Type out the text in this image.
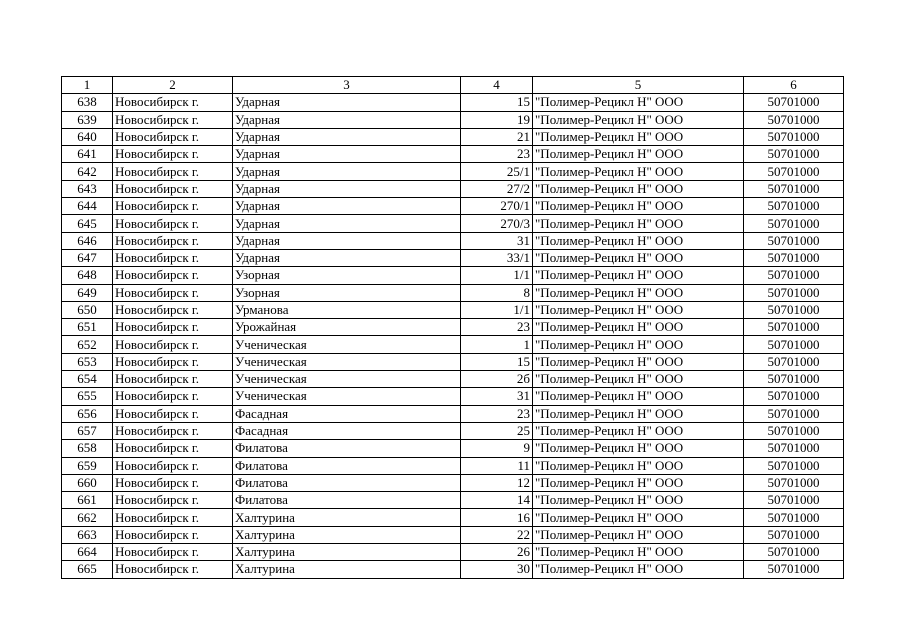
1	2	3	4	5	6
638	Новосибирск г.	Ударная	15	"Полимер-Рецикл Н" ООО	50701000
639	Новосибирск г.	Ударная	19	"Полимер-Рецикл Н" ООО	50701000
640	Новосибирск г.	Ударная	21	"Полимер-Рецикл Н" ООО	50701000
641	Новосибирск г.	Ударная	23	"Полимер-Рецикл Н" ООО	50701000
642	Новосибирск г.	Ударная	25/1	"Полимер-Рецикл Н" ООО	50701000
643	Новосибирск г.	Ударная	27/2	"Полимер-Рецикл Н" ООО	50701000
644	Новосибирск г.	Ударная	270/1	"Полимер-Рецикл Н" ООО	50701000
645	Новосибирск г.	Ударная	270/3	"Полимер-Рецикл Н" ООО	50701000
646	Новосибирск г.	Ударная	31	"Полимер-Рецикл Н" ООО	50701000
647	Новосибирск г.	Ударная	33/1	"Полимер-Рецикл Н" ООО	50701000
648	Новосибирск г.	Узорная	1/1	"Полимер-Рецикл Н" ООО	50701000
649	Новосибирск г.	Узорная	8	"Полимер-Рецикл Н" ООО	50701000
650	Новосибирск г.	Урманова	1/1	"Полимер-Рецикл Н" ООО	50701000
651	Новосибирск г.	Урожайная	23	"Полимер-Рецикл Н" ООО	50701000
652	Новосибирск г.	Ученическая	1	"Полимер-Рецикл Н" ООО	50701000
653	Новосибирск г.	Ученическая	15	"Полимер-Рецикл Н" ООО	50701000
654	Новосибирск г.	Ученическая	2б	"Полимер-Рецикл Н" ООО	50701000
655	Новосибирск г.	Ученическая	31	"Полимер-Рецикл Н" ООО	50701000
656	Новосибирск г.	Фасадная	23	"Полимер-Рецикл Н" ООО	50701000
657	Новосибирск г.	Фасадная	25	"Полимер-Рецикл Н" ООО	50701000
658	Новосибирск г.	Филатова	9	"Полимер-Рецикл Н" ООО	50701000
659	Новосибирск г.	Филатова	11	"Полимер-Рецикл Н" ООО	50701000
660	Новосибирск г.	Филатова	12	"Полимер-Рецикл Н" ООО	50701000
661	Новосибирск г.	Филатова	14	"Полимер-Рецикл Н" ООО	50701000
662	Новосибирск г.	Халтурина	16	"Полимер-Рецикл Н" ООО	50701000
663	Новосибирск г.	Халтурина	22	"Полимер-Рецикл Н" ООО	50701000
664	Новосибирск г.	Халтурина	26	"Полимер-Рецикл Н" ООО	50701000
665	Новосибирск г.	Халтурина	30	"Полимер-Рецикл Н" ООО	50701000
